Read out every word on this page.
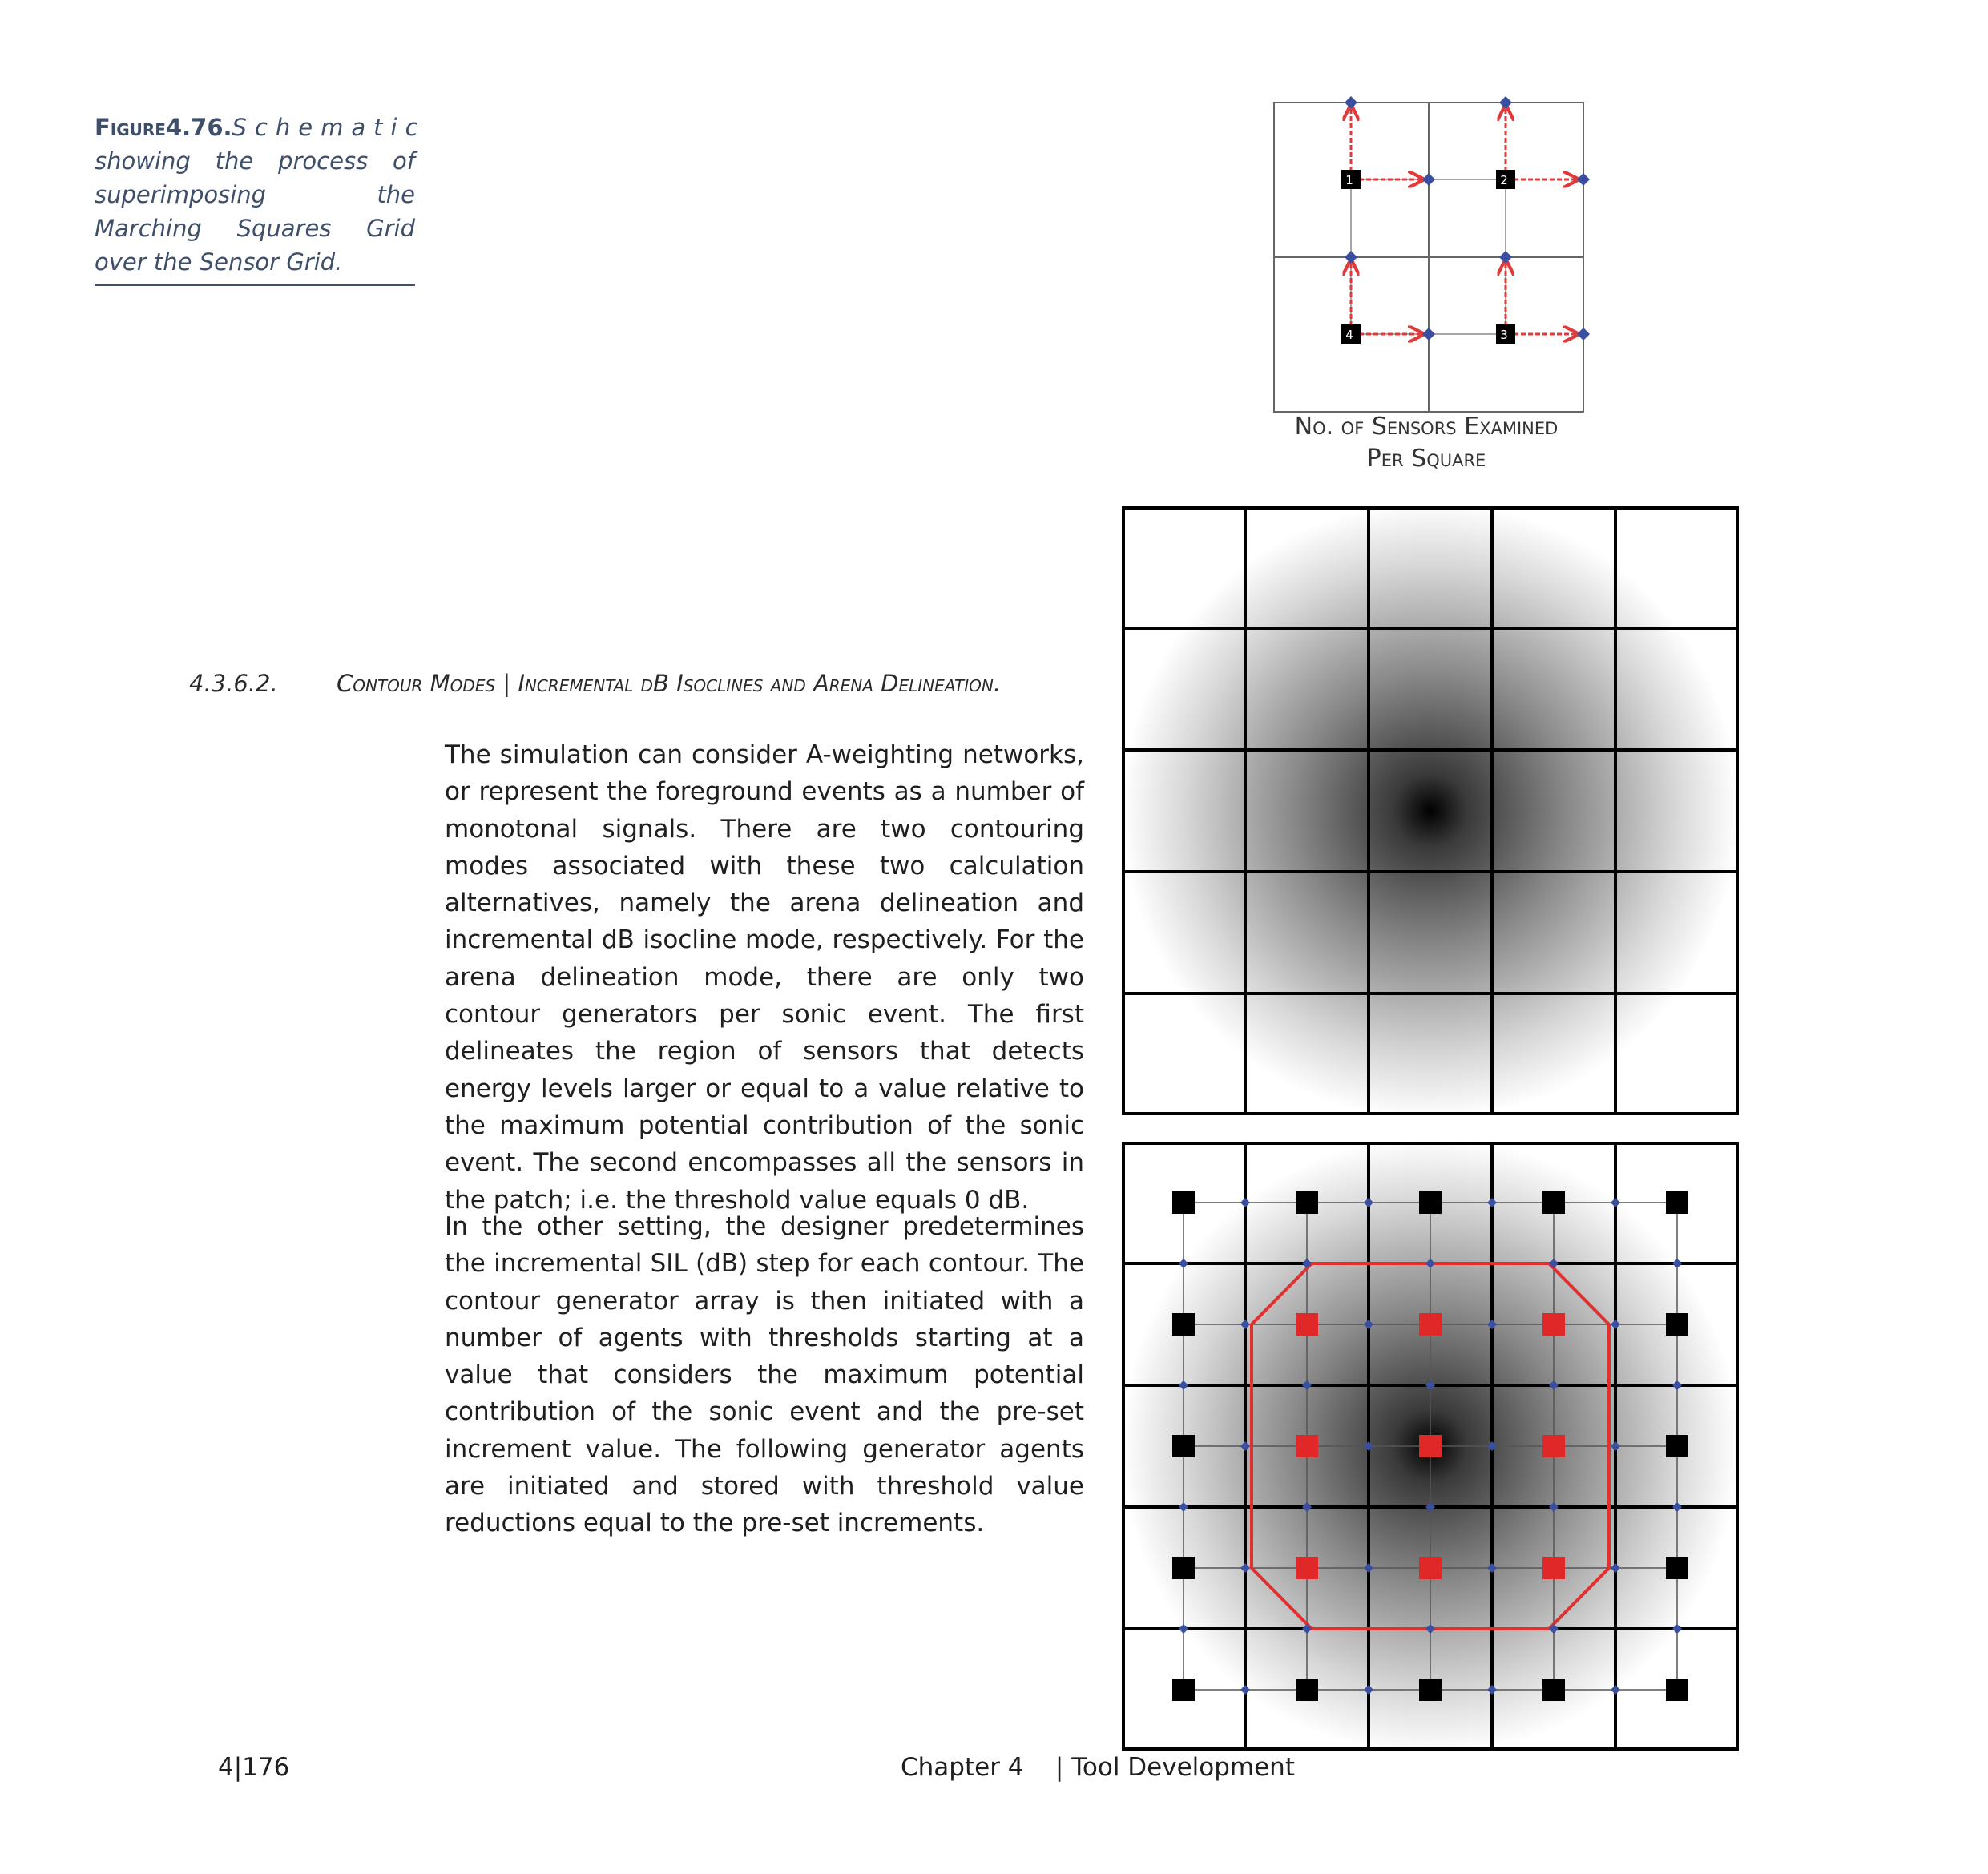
Figure4.76.Schematic showing the process of superimposing the Marching Squares Grid over the Sensor Grid.
4.3.6.2.	Contour Modes | Incremental dB Isoclines and Arena Delineation.
The simulation can consider A-weighting networks, or represent the foreground events as a number of monotonal signals. There are two contouring modes associated with these two calculation alternatives, namely the arena delineation and incremental dB isocline mode, respectively. For the arena delineation mode, there are only two contour generators per sonic event. The first delineates the region of sensors that detects energy levels larger or equal to a value relative to the maximum potential contribution of the sonic event. The second encompasses all the sensors in the patch; i.e. the threshold value equals 0 dB.
In the other setting, the designer predetermines the incremental SIL (dB) step for each contour. The contour generator array is then initiated with a number of agents with thresholds starting at a value that considers the maximum potential contribution of the sonic event and the pre-set increment value. The following generator agents are initiated and stored with threshold value reductions equal to the pre-set increments.
1	2
3
4
No. of Sensors Examined
Per Square
4|176	Chapter 4    | Tool Development
